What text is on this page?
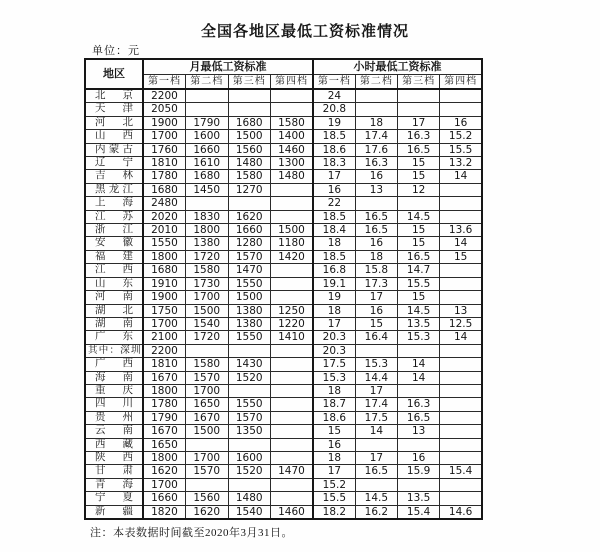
全国各地区最低工资标准情况
单位：元
地区	月最低工资标准				小时最低工资标准			
	第一档	第二档	第三档	第四档	第一档	第二档	第三档	第四档
北 京	2200				24			
天 津	2050				20.8			
河 北	1900	1790	1680	1580	19	18	17	16
山 西	1700	1600	1500	1400	18.5	17.4	16.3	15.2
内蒙古	1760	1660	1560	1460	18.6	17.6	16.5	15.5
辽 宁	1810	1610	1480	1300	18.3	16.3	15	13.2
吉 林	1780	1680	1580	1480	17	16	15	14
黑龙江	1680	1450	1270		16	13	12	
上 海	2480				22			
江 苏	2020	1830	1620		18.5	16.5	14.5	
浙 江	2010	1800	1660	1500	18.4	16.5	15	13.6
安 徽	1550	1380	1280	1180	18	16	15	14
福 建	1800	1720	1570	1420	18.5	18	16.5	15
江 西	1680	1580	1470		16.8	15.8	14.7	
山 东	1910	1730	1550		19.1	17.3	15.5	
河 南	1900	1700	1500		19	17	15	
湖 北	1750	1500	1380	1250	18	16	14.5	13
湖 南	1700	1540	1380	1220	17	15	13.5	12.5
广 东	2100	1720	1550	1410	20.3	16.4	15.3	14
其中：深圳	2200				20.3			
广 西	1810	1580	1430		17.5	15.3	14	
海 南	1670	1570	1520		15.3	14.4	14	
重 庆	1800	1700			18	17		
四 川	1780	1650	1550		18.7	17.4	16.3	
贵 州	1790	1670	1570		18.6	17.5	16.5	
云 南	1670	1500	1350		15	14	13	
西 藏	1650				16			
陕 西	1800	1700	1600		18	17	16	
甘 肃	1620	1570	1520	1470	17	16.5	15.9	15.4
青 海	1700				15.2			
宁 夏	1660	1560	1480		15.5	14.5	13.5	
新 疆	1820	1620	1540	1460	18.2	16.2	15.4	14.6
注：本表数据时间截至2020年3月31日。
